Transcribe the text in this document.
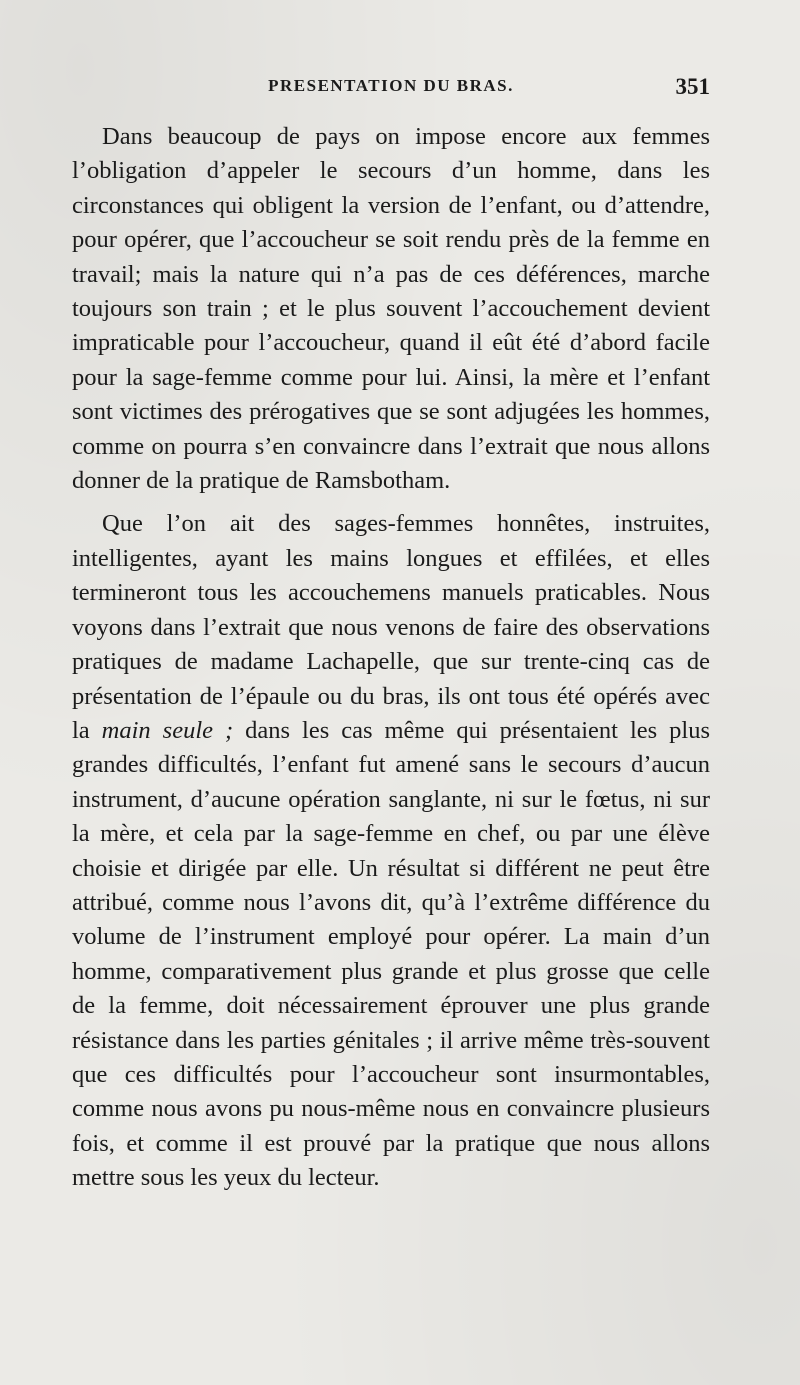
PRESENTATION DU BRAS.	351

Dans beaucoup de pays on impose encore aux femmes l’obligation d’appeler le secours d’un homme, dans les circonstances qui obligent la version de l’enfant, ou d’attendre, pour opérer, que l’accoucheur se soit rendu près de la femme en travail; mais la nature qui n’a pas de ces déférences, marche toujours son train ; et le plus souvent l’accouchement devient impraticable pour l’accoucheur, quand il eût été d’abord facile pour la sage-femme comme pour lui. Ainsi, la mère et l’enfant sont victimes des prérogatives que se sont adjugées les hommes, comme on pourra s’en convaincre dans l’extrait que nous allons donner de la pratique de Ramsbotham.

Que l’on ait des sages-femmes honnêtes, instruites, intelligentes, ayant les mains longues et effilées, et elles termineront tous les accouchemens manuels praticables. Nous voyons dans l’extrait que nous venons de faire des observations pratiques de madame Lachapelle, que sur trente-cinq cas de présentation de l’épaule ou du bras, ils ont tous été opérés avec la main seule ; dans les cas même qui présentaient les plus grandes difficultés, l’enfant fut amené sans le secours d’aucun instrument, d’aucune opération sanglante, ni sur le fœtus, ni sur la mère, et cela par la sage-femme en chef, ou par une élève choisie et dirigée par elle. Un résultat si différent ne peut être attribué, comme nous l’avons dit, qu’à l’extrême différence du volume de l’instrument employé pour opérer. La main d’un homme, comparativement plus grande et plus grosse que celle de la femme, doit nécessairement éprouver une plus grande résistance dans les parties génitales ; il arrive même très-souvent que ces difficultés pour l’accoucheur sont insurmontables, comme nous avons pu nous-même nous en convaincre plusieurs fois, et comme il est prouvé par la pratique que nous allons mettre sous les yeux du lecteur.
